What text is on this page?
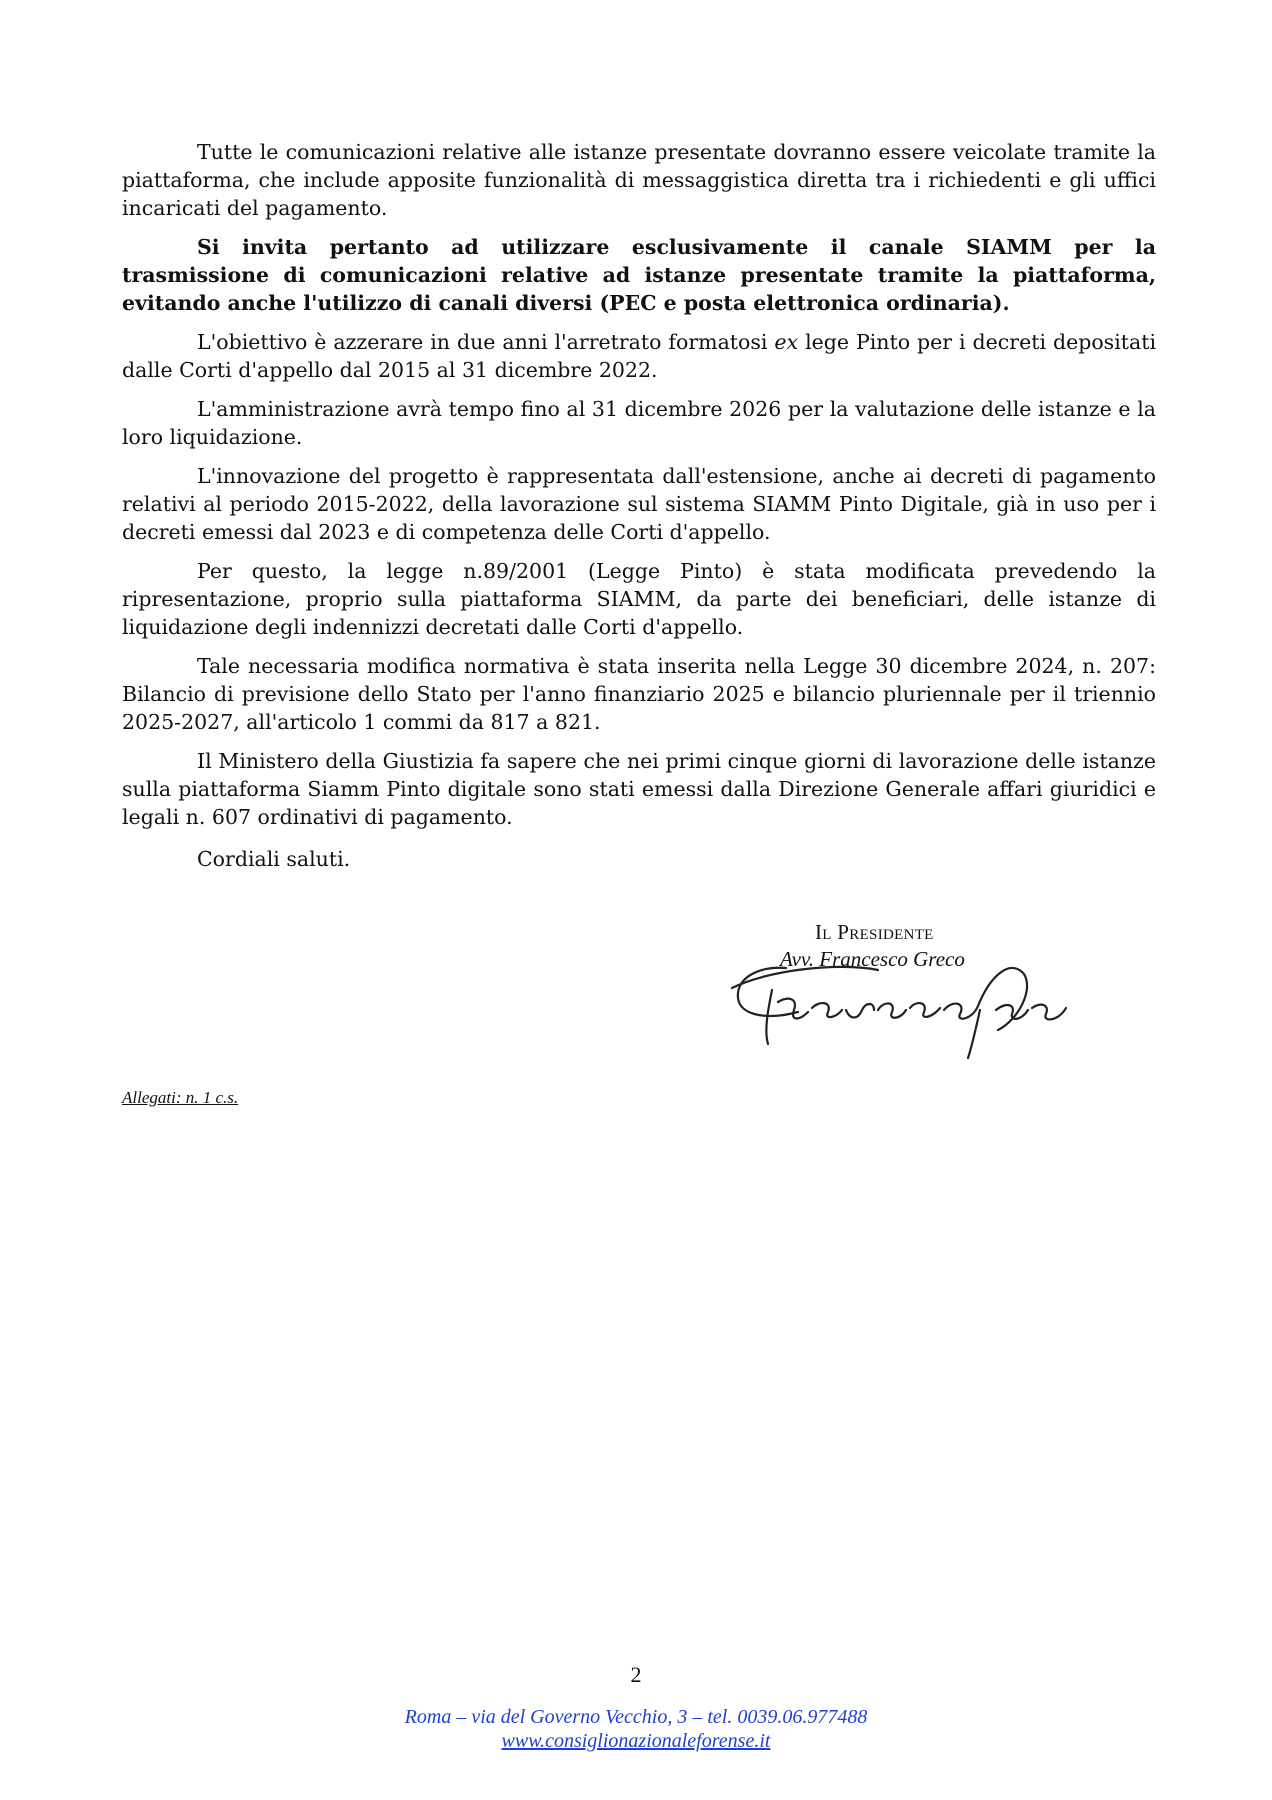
Tutte le comunicazioni relative alle istanze presentate dovranno essere veicolate tramite la piattaforma, che include apposite funzionalità di messaggistica diretta tra i richiedenti e gli uffici incaricati del pagamento.

Si invita pertanto ad utilizzare esclusivamente il canale SIAMM per la trasmissione di comunicazioni relative ad istanze presentate tramite la piattaforma, evitando anche l'utilizzo di canali diversi (PEC e posta elettronica ordinaria).

L'obiettivo è azzerare in due anni l'arretrato formatosi ex lege Pinto per i decreti depositati dalle Corti d'appello dal 2015 al 31 dicembre 2022.

L'amministrazione avrà tempo fino al 31 dicembre 2026 per la valutazione delle istanze e la loro liquidazione.

L'innovazione del progetto è rappresentata dall'estensione, anche ai decreti di pagamento relativi al periodo 2015-2022, della lavorazione sul sistema SIAMM Pinto Digitale, già in uso per i decreti emessi dal 2023 e di competenza delle Corti d'appello.

Per questo, la legge n.89/2001 (Legge Pinto) è stata modificata prevedendo la ripresentazione, proprio sulla piattaforma SIAMM, da parte dei beneficiari, delle istanze di liquidazione degli indennizzi decretati dalle Corti d'appello.

Tale necessaria modifica normativa è stata inserita nella Legge 30 dicembre 2024, n. 207: Bilancio di previsione dello Stato per l'anno finanziario 2025 e bilancio pluriennale per il triennio 2025-2027, all'articolo 1 commi da 817 a 821.

Il Ministero della Giustizia fa sapere che nei primi cinque giorni di lavorazione delle istanze sulla piattaforma Siamm Pinto digitale sono stati emessi dalla Direzione Generale affari giuridici e legali n. 607 ordinativi di pagamento.

Cordiali saluti.

Il Presidente

Avv. Francesco Greco

Allegati: n. 1 c.s.

2

Roma – via del Governo Vecchio, 3 – tel. 0039.06.977488
www.consiglionazionaleforense.it
